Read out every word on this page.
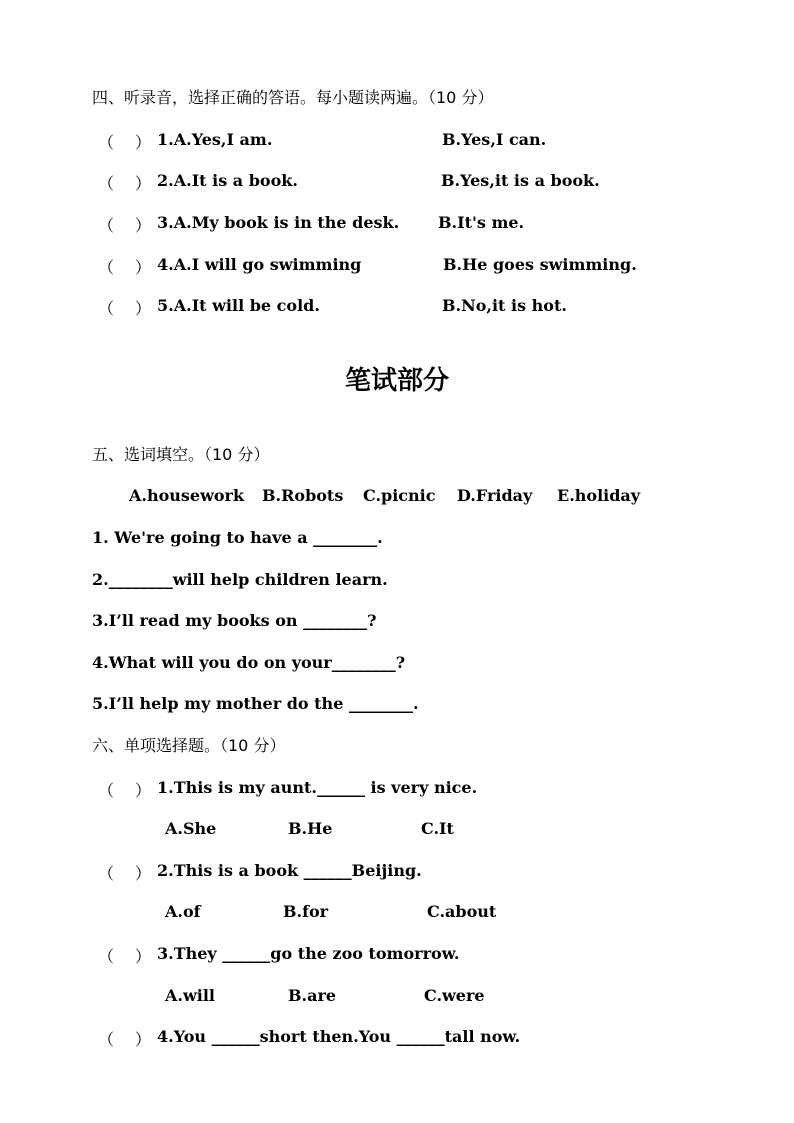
四、听录音，选择正确的答语。每小题读两遍。（10 分）
（ ） 1.A.Yes,I am.	B.Yes,I can.
（ ） 2.A.It is a book.	B.Yes,it is a book.
（ ） 3.A.My book is in the desk. B.It's me.
（ ） 4.A.I will go swimming	B.He goes swimming.
（ ） 5.A.It will be cold.	B.No,it is hot.
笔试部分
五、选词填空。（10 分）
A.housework B.Robots C.picnic D.Friday E.holiday
1. We're going to have a ________.
2.________will help children learn.
3.I’ll read my books on ________?
4.What will you do on your________?
5.I’ll help my mother do the ________.
六、单项选择题。（10 分）
（ ） 1.This is my aunt.______ is very nice.
A.She	B.He	C.It
（ ） 2.This is a book ______Beijing.
A.of	B.for	C.about
（ ） 3.They ______go the zoo tomorrow.
A.will	B.are	C.were
（ ） 4.You ______short then.You ______tall now.
